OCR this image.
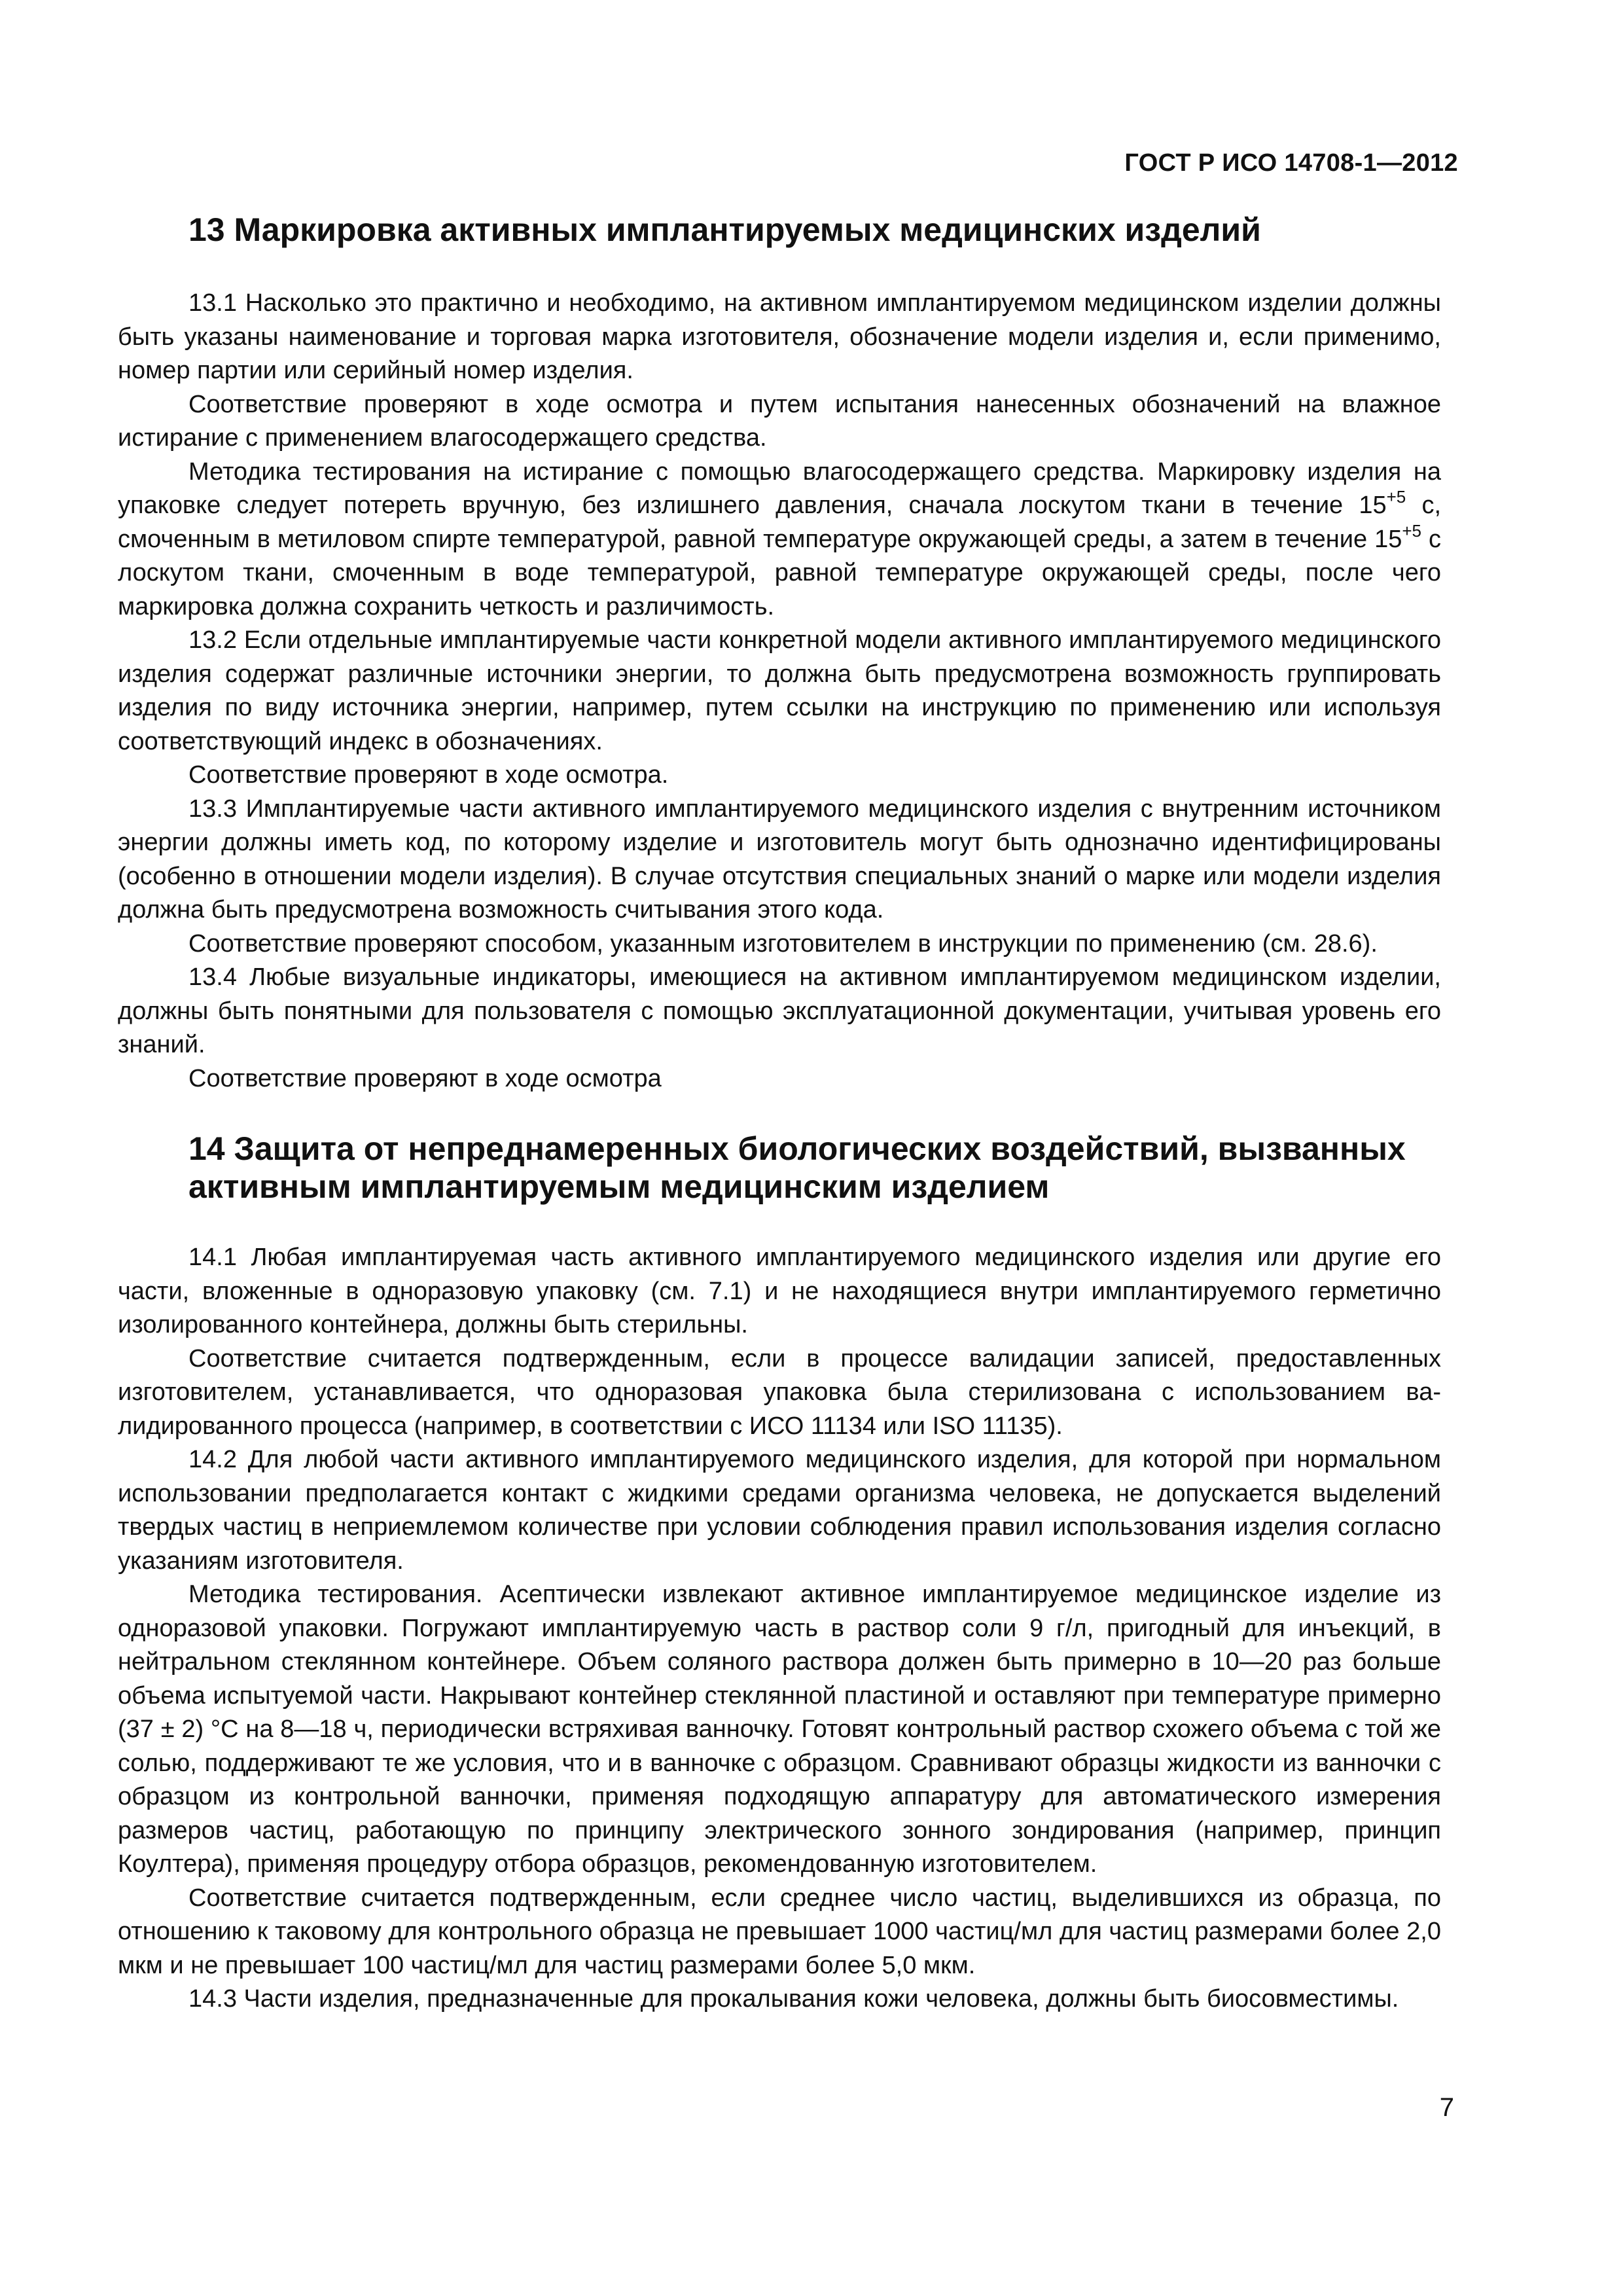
ГОСТ Р ИСО 14708-1—2012
13 Маркировка активных имплантируемых медицинских изделий

13.1 Насколько это практично и необходимо, на активном имплантируемом медицинском изделии должны быть указаны наименование и торговая марка изготовителя, обозначение модели изделия и, если применимо, номер партии или серийный номер изделия.

Соответствие проверяют в ходе осмотра и путем испытания нанесенных обозначений на влажное истирание с применением влагосодержащего средства.

Методика тестирования на истирание с помощью влагосодержащего средства. Маркировку изделия на упаковке следует потереть вручную, без излишнего давления, сначала лоскутом ткани в течение $15^{+5}$ с, смоченным в метиловом спирте температурой, равной температуре окружающей среды, а затем в течение $15^{+5}$ с лоскутом ткани, смоченным в воде температурой, равной температуре окружающей среды, после чего маркировка должна сохранить четкость и различимость.

13.2 Если отдельные имплантируемые части конкретной модели активного имплантируемого медицинского изделия содержат различные источники энергии, то должна быть предусмотрена возможность группировать изделия по виду источника энергии, например, путем ссылки на инструкцию по применению или используя соответствующий индекс в обозначениях.

Соответствие проверяют в ходе осмотра.

13.3 Имплантируемые части активного имплантируемого медицинского изделия с внутренним источником энергии должны иметь код, по которому изделие и изготовитель могут быть однозначно идентифицированы (особенно в отношении модели изделия). В случае отсутствия специальных знаний о марке или модели изделия должна быть предусмотрена возможность считывания этого кода.

Соответствие проверяют способом, указанным изготовителем в инструкции по применению (см. 28.6).

13.4 Любые визуальные индикаторы, имеющиеся на активном имплантируемом медицинском изделии, должны быть понятными для пользователя с помощью эксплуатационной документации, учитывая уровень его знаний.

Соответствие проверяют в ходе осмотра

14 Защита от непреднамеренных биологических воздействий, вызванных активным имплантируемым медицинским изделием

14.1 Любая имплантируемая часть активного имплантируемого медицинского изделия или другие его части, вложенные в одноразовую упаковку (см. 7.1) и не находящиеся внутри имплантируемого герметично изолированного контейнера, должны быть стерильны.

Соответствие считается подтвержденным, если в процессе валидации записей, предоставленных изготовителем, устанавливается, что одноразовая упаковка была стерилизована с использованием валидированного процесса (например, в соответствии с ИСО 11134 или ISO 11135).

14.2 Для любой части активного имплантируемого медицинского изделия, для которой при нормальном использовании предполагается контакт с жидкими средами организма человека, не допускается выделений твердых частиц в неприемлемом количестве при условии соблюдения правил использования изделия согласно указаниям изготовителя.

Методика тестирования. Асептически извлекают активное имплантируемое медицинское изделие из одноразовой упаковки. Погружают имплантируемую часть в раствор соли 9 г/л, пригодный для инъекций, в нейтральном стеклянном контейнере. Объем соляного раствора должен быть примерно в 10—20 раз больше объема испытуемой части. Накрывают контейнер стеклянной пластиной и оставляют при температуре примерно (37 ± 2) °С на 8—18 ч, периодически встряхивая ванночку. Готовят контрольный раствор схожего объема с той же солью, поддерживают те же условия, что и в ванночке с образцом. Сравнивают образцы жидкости из ванночки с образцом из контрольной ванночки, применяя подходящую аппаратуру для автоматического измерения размеров частиц, работающую по принципу электрического зонного зондирования (например, принцип Коултера), применяя процедуру отбора образцов, рекомендованную изготовителем.

Соответствие считается подтвержденным, если среднее число частиц, выделившихся из образца, по отношению к таковому для контрольного образца не превышает 1000 частиц/мл для частиц размерами более 2,0 мкм и не превышает 100 частиц/мл для частиц размерами более 5,0 мкм.

14.3 Части изделия, предназначенные для прокалывания кожи человека, должны быть биосовместимы.

7
